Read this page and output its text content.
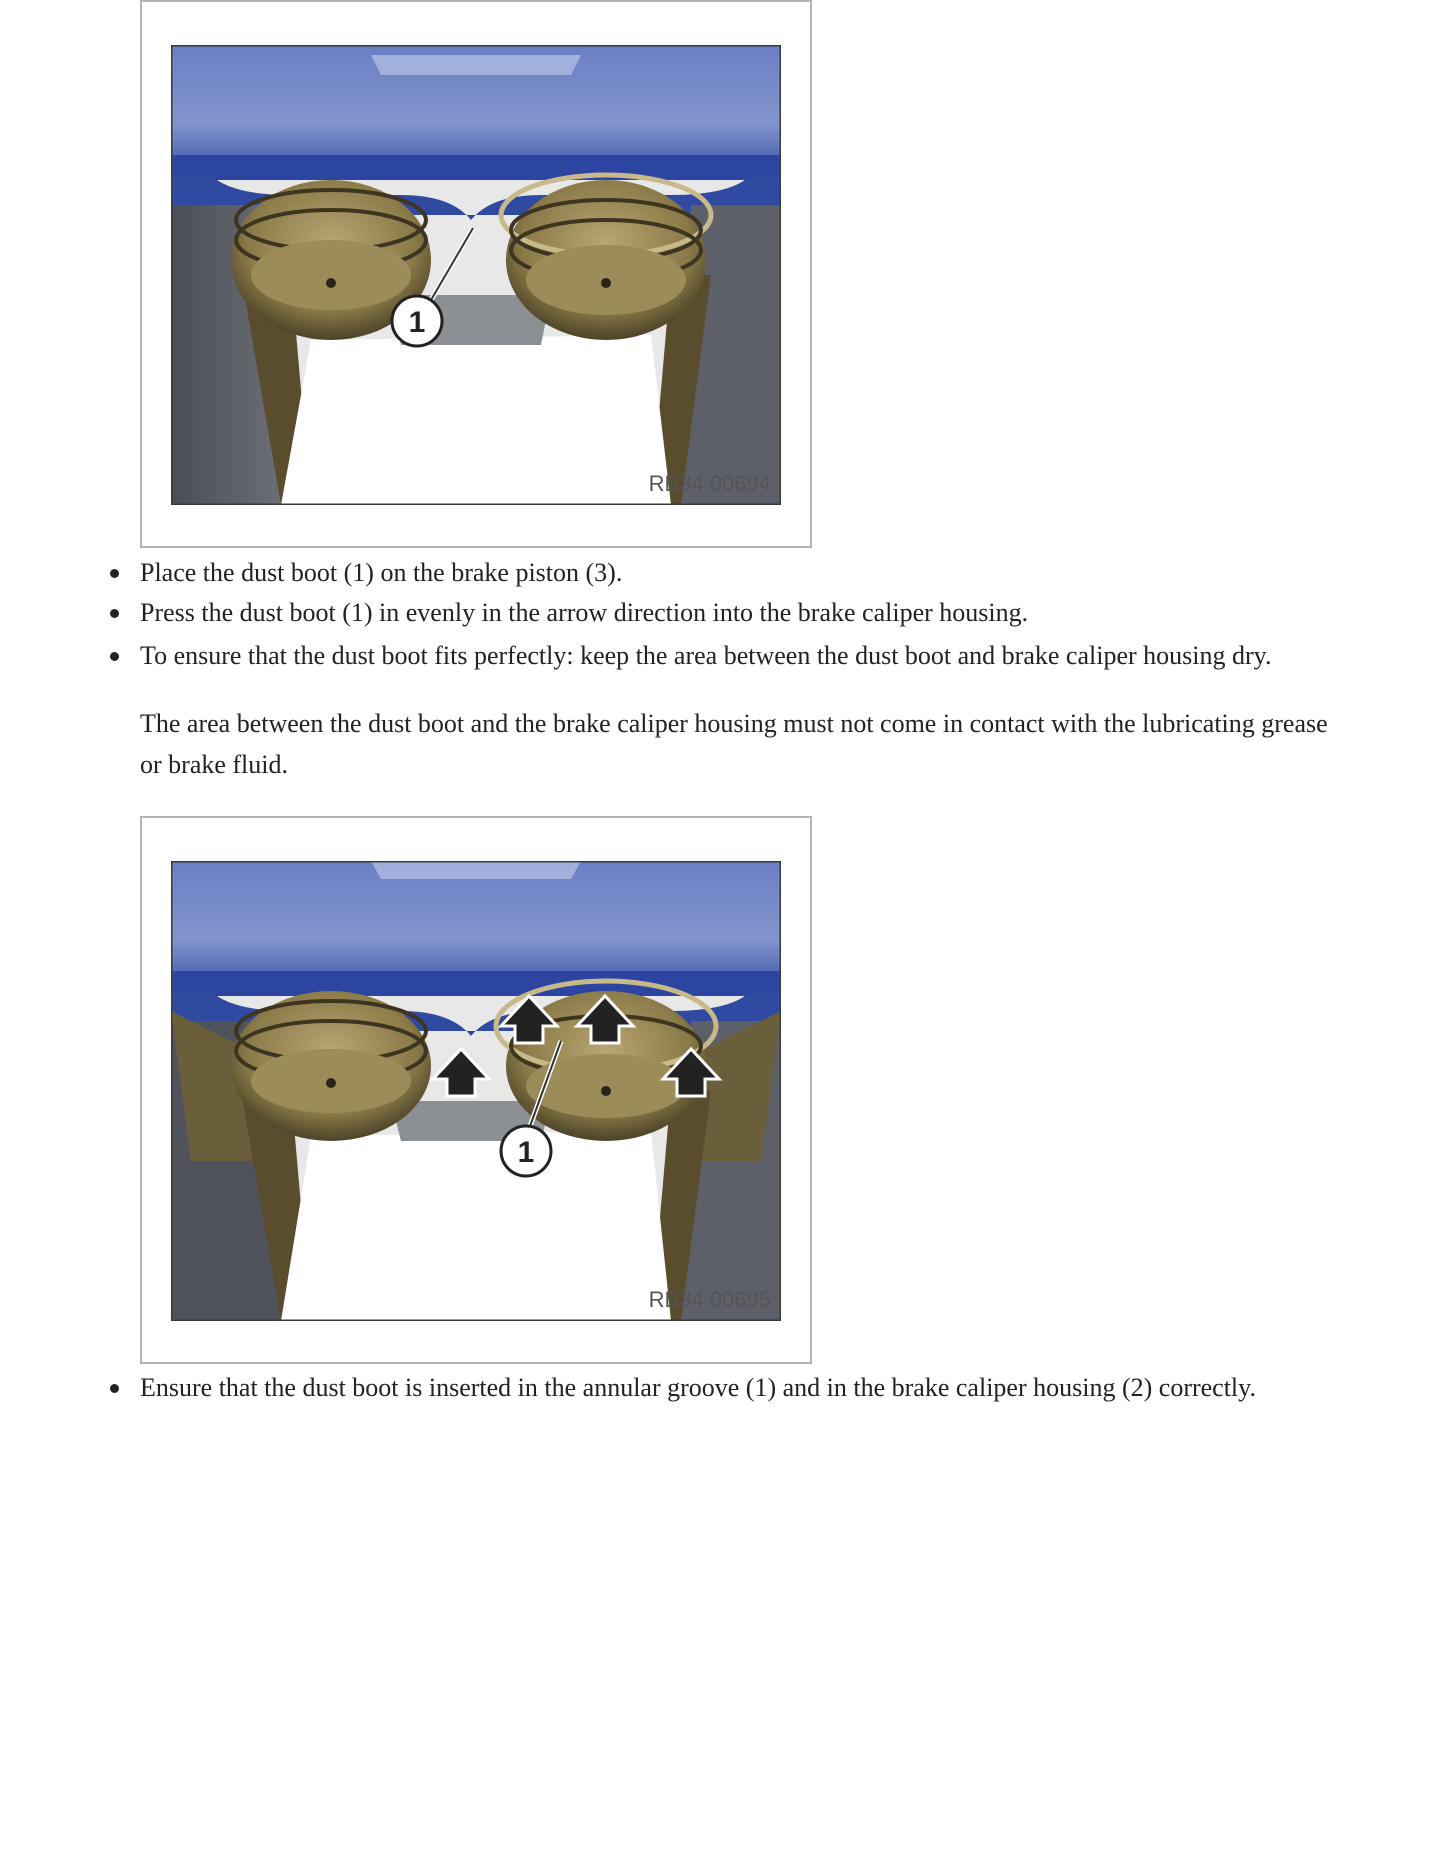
1
RB34 00694
Place the dust boot (1) on the brake piston (3).
Press the dust boot (1) in evenly in the arrow direction into the brake caliper housing.
To ensure that the dust boot fits perfectly: keep the area between the dust boot and brake caliper housing dry.
The area between the dust boot and the brake caliper housing must not come in contact with the lubricating grease or brake fluid.
1
RB34 00695
Ensure that the dust boot is inserted in the annular groove (1) and in the brake caliper housing (2) correctly.
